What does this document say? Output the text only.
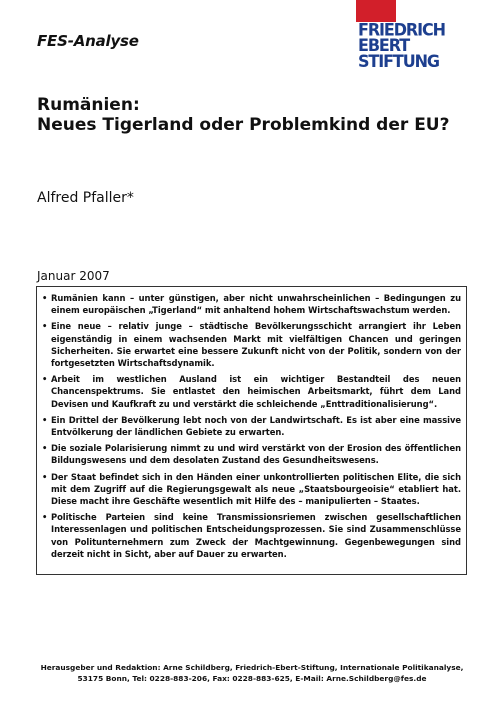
FES-Analyse
FRIEDRICH
EBERT
STIFTUNG
Rumänien:
Neues Tigerland oder Problemkind der EU?
Alfred Pfaller*
Januar 2007
• Rumänien kann – unter günstigen, aber nicht unwahrscheinlichen – Bedingungen zu einem europäischen „Tigerland“ mit anhaltend hohem Wirtschaftswachstum werden.
• Eine neue – relativ junge – städtische Bevölkerungsschicht arrangiert ihr Leben eigenständig in einem wachsenden Markt mit vielfältigen Chancen und geringen Sicherheiten. Sie erwartet eine bessere Zukunft nicht von der Politik, sondern von der fortgesetzten Wirtschaftsdynamik.
• Arbeit im westlichen Ausland ist ein wichtiger Bestandteil des neuen Chancenspektrums. Sie entlastet den heimischen Arbeitsmarkt, führt dem Land Devisen und Kaufkraft zu und verstärkt die schleichende „Enttraditionalisierung“.
• Ein Drittel der Bevölkerung lebt noch von der Landwirtschaft. Es ist aber eine massive Entvölkerung der ländlichen Gebiete zu erwarten.
• Die soziale Polarisierung nimmt zu und wird verstärkt von der Erosion des öffentlichen Bildungswesens und dem desolaten Zustand des Gesundheitswesens.
• Der Staat befindet sich in den Händen einer unkontrollierten politischen Elite, die sich mit dem Zugriff auf die Regierungsgewalt als neue „Staatsbourgeoisie“ etabliert hat. Diese macht ihre Geschäfte wesentlich mit Hilfe des – manipulierten – Staates.
• Politische Parteien sind keine Transmissionsriemen zwischen gesellschaftlichen Interessenlagen und politischen Entscheidungsprozessen. Sie sind Zusammenschlüsse von Politunternehmern zum Zweck der Machtgewinnung. Gegenbewegungen sind derzeit nicht in Sicht, aber auf Dauer zu erwarten.
Herausgeber und Redaktion: Arne Schildberg, Friedrich-Ebert-Stiftung, Internationale Politikanalyse,
53175 Bonn, Tel: 0228-883-206, Fax: 0228-883-625, E-Mail: Arne.Schildberg@fes.de
